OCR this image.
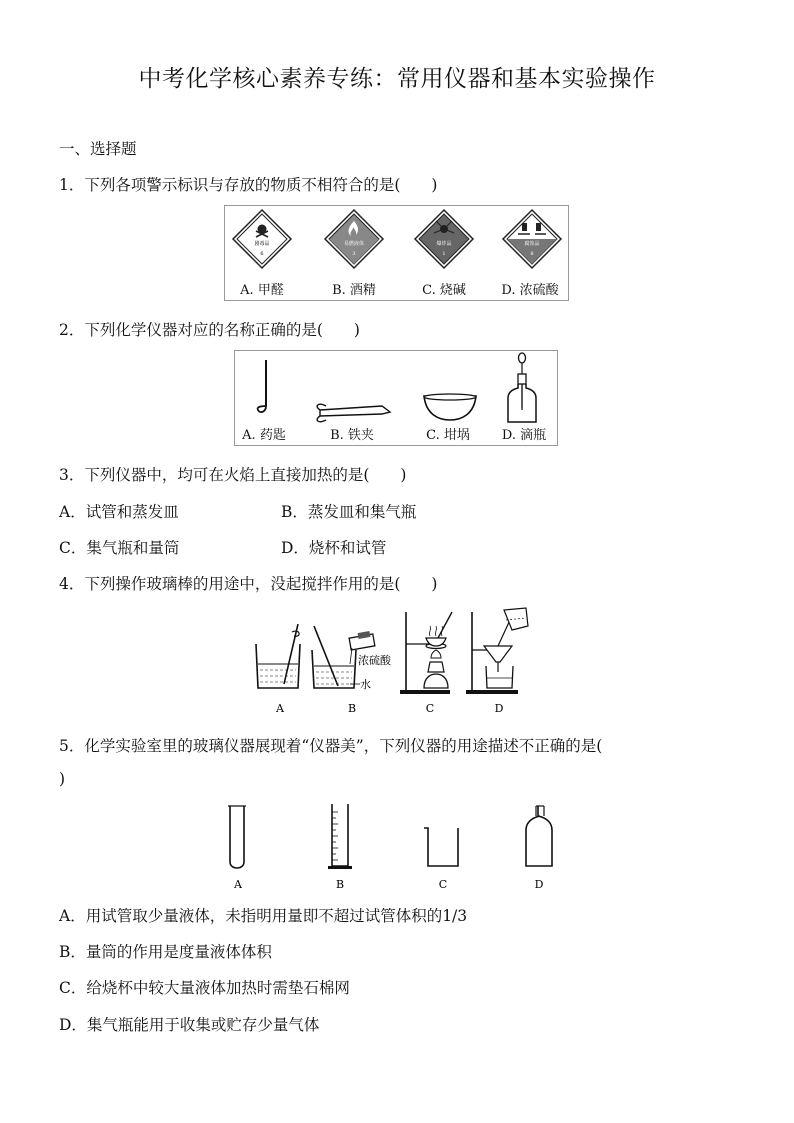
中考化学核心素养专练：常用仪器和基本实验操作
一、选择题
1．下列各项警示标识与存放的物质不相符合的是(　　)
剧毒品
6
易燃液体
3
爆炸品
1
腐蚀品
8
A. 甲醛	B. 酒精	C. 烧碱	D. 浓硫酸
2．下列化学仪器对应的名称正确的是(　　)
A. 药匙	B. 铁夹	C. 坩埚 D. 滴瓶
3．下列仪器中，均可在火焰上直接加热的是(　　)
A．试管和蒸发皿	B．蒸发皿和集气瓶
C．集气瓶和量筒	D．烧杯和试管
4．下列操作玻璃棒的用途中，没起搅拌作用的是(　　)
浓硫酸
水
A	B	C	D
5．化学实验室里的玻璃仪器展现着“仪器美”，下列仪器的用途描述不正确的是(
)
A	B	C	D
A．用试管取少量液体，未指明用量即不超过试管体积的1/3
B．量筒的作用是度量液体体积
C．给烧杯中较大量液体加热时需垫石棉网
D．集气瓶能用于收集或贮存少量气体
